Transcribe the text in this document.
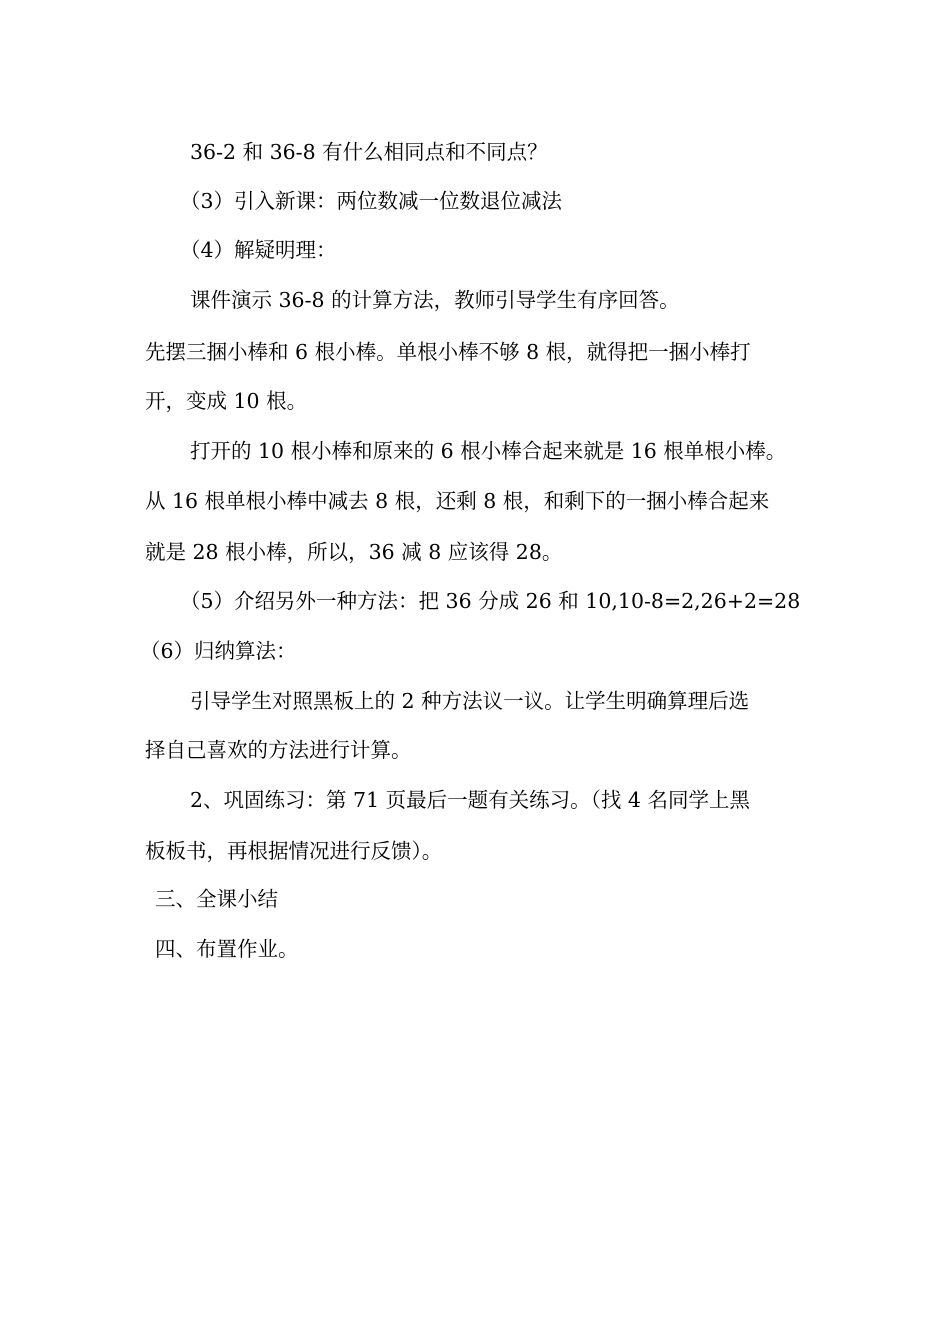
36-2 和 36-8 有什么相同点和不同点？
（3）引入新课：两位数减一位数退位减法
（4）解疑明理：
课件演示 36-8 的计算方法，教师引导学生有序回答。
先摆三捆小棒和 6 根小棒。单根小棒不够 8 根，就得把一捆小棒打
开，变成 10 根。
打开的 10 根小棒和原来的 6 根小棒合起来就是 16 根单根小棒。
从 16 根单根小棒中减去 8 根，还剩 8 根，和剩下的一捆小棒合起来
就是 28 根小棒，所以，36 减 8 应该得 28。
（5）介绍另外一种方法：把 36 分成 26 和 10,10-8=2,26+2=28
（6）归纳算法：
引导学生对照黑板上的 2 种方法议一议。让学生明确算理后选
择自己喜欢的方法进行计算。
2、巩固练习：第 71 页最后一题有关练习。（找 4 名同学上黑
板板书，再根据情况进行反馈）。
三、全课小结
四、布置作业。
